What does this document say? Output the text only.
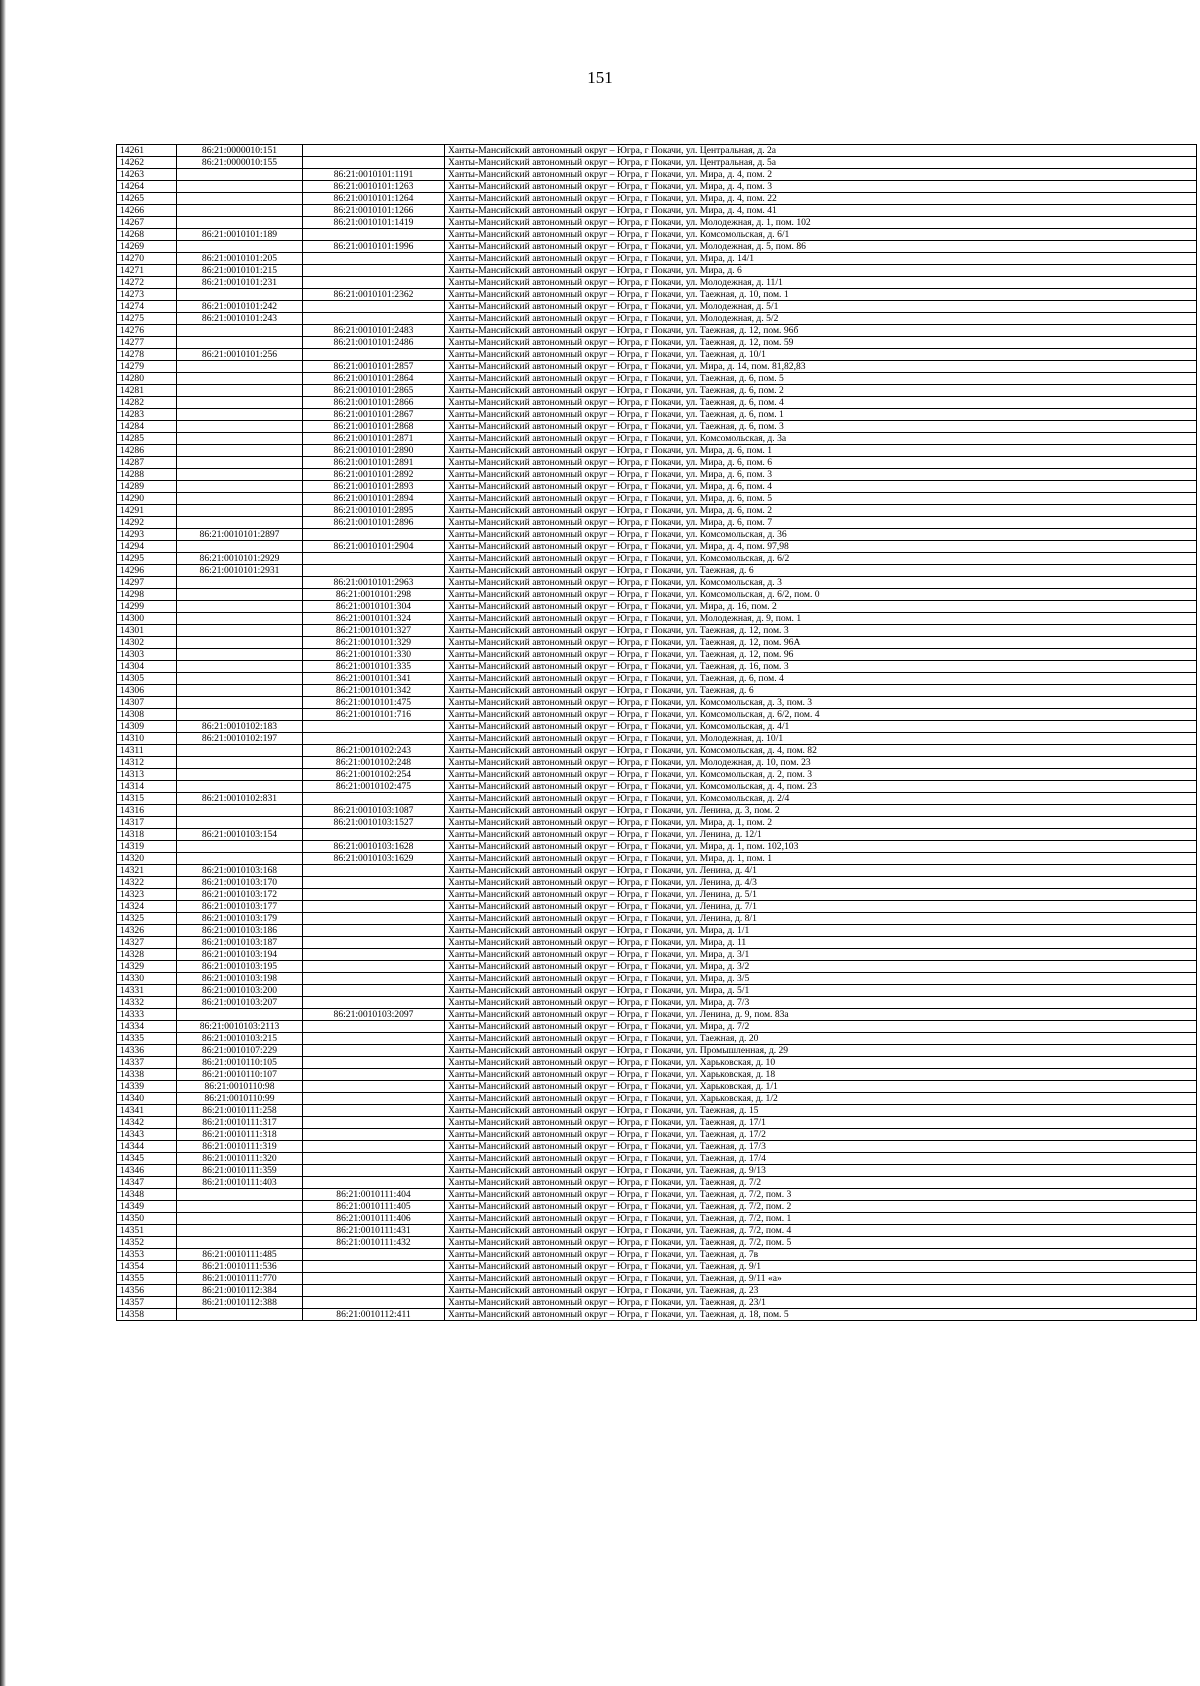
151
14261	86:21:0000010:151		Ханты-Мансийский автономный округ – Югра, г Покачи, ул. Центральная, д. 2а
14262	86:21:0000010:155		Ханты-Мансийский автономный округ – Югра, г Покачи, ул. Центральная, д. 5а
14263		86:21:0010101:1191	Ханты-Мансийский автономный округ – Югра, г Покачи, ул. Мира, д. 4, пом. 2
14264		86:21:0010101:1263	Ханты-Мансийский автономный округ – Югра, г Покачи, ул. Мира, д. 4, пом. 3
14265		86:21:0010101:1264	Ханты-Мансийский автономный округ – Югра, г Покачи, ул. Мира, д. 4, пом. 22
14266		86:21:0010101:1266	Ханты-Мансийский автономный округ – Югра, г Покачи, ул. Мира, д. 4, пом. 41
14267		86:21:0010101:1419	Ханты-Мансийский автономный округ – Югра, г Покачи, ул. Молодежная, д. 1, пом. 102
14268	86:21:0010101:189		Ханты-Мансийский автономный округ – Югра, г Покачи, ул. Комсомольская, д. 6/1
14269		86:21:0010101:1996	Ханты-Мансийский автономный округ – Югра, г Покачи, ул. Молодежная, д. 5, пом. 86
14270	86:21:0010101:205		Ханты-Мансийский автономный округ – Югра, г Покачи, ул. Мира, д. 14/1
14271	86:21:0010101:215		Ханты-Мансийский автономный округ – Югра, г Покачи, ул. Мира, д. 6
14272	86:21:0010101:231		Ханты-Мансийский автономный округ – Югра, г Покачи, ул. Молодежная, д. 11/1
14273		86:21:0010101:2362	Ханты-Мансийский автономный округ – Югра, г Покачи, ул. Таежная, д. 10, пом. 1
14274	86:21:0010101:242		Ханты-Мансийский автономный округ – Югра, г Покачи, ул. Молодежная, д. 5/1
14275	86:21:0010101:243		Ханты-Мансийский автономный округ – Югра, г Покачи, ул. Молодежная, д. 5/2
14276		86:21:0010101:2483	Ханты-Мансийский автономный округ – Югра, г Покачи, ул. Таежная, д. 12, пом. 96б
14277		86:21:0010101:2486	Ханты-Мансийский автономный округ – Югра, г Покачи, ул. Таежная, д. 12, пом. 59
14278	86:21:0010101:256		Ханты-Мансийский автономный округ – Югра, г Покачи, ул. Таежная, д. 10/1
14279		86:21:0010101:2857	Ханты-Мансийский автономный округ – Югра, г Покачи, ул. Мира, д. 14, пом. 81,82,83
14280		86:21:0010101:2864	Ханты-Мансийский автономный округ – Югра, г Покачи, ул. Таежная, д. 6, пом. 5
14281		86:21:0010101:2865	Ханты-Мансийский автономный округ – Югра, г Покачи, ул. Таежная, д. 6, пом. 2
14282		86:21:0010101:2866	Ханты-Мансийский автономный округ – Югра, г Покачи, ул. Таежная, д. 6, пом. 4
14283		86:21:0010101:2867	Ханты-Мансийский автономный округ – Югра, г Покачи, ул. Таежная, д. 6, пом. 1
14284		86:21:0010101:2868	Ханты-Мансийский автономный округ – Югра, г Покачи, ул. Таежная, д. 6, пом. 3
14285		86:21:0010101:2871	Ханты-Мансийский автономный округ – Югра, г Покачи, ул. Комсомольская, д. 3а
14286		86:21:0010101:2890	Ханты-Мансийский автономный округ – Югра, г Покачи, ул. Мира, д. 6, пом. 1
14287		86:21:0010101:2891	Ханты-Мансийский автономный округ – Югра, г Покачи, ул. Мира, д. 6, пом. 6
14288		86:21:0010101:2892	Ханты-Мансийский автономный округ – Югра, г Покачи, ул. Мира, д. 6, пом. 3
14289		86:21:0010101:2893	Ханты-Мансийский автономный округ – Югра, г Покачи, ул. Мира, д. 6, пом. 4
14290		86:21:0010101:2894	Ханты-Мансийский автономный округ – Югра, г Покачи, ул. Мира, д. 6, пом. 5
14291		86:21:0010101:2895	Ханты-Мансийский автономный округ – Югра, г Покачи, ул. Мира, д. 6, пом. 2
14292		86:21:0010101:2896	Ханты-Мансийский автономный округ – Югра, г Покачи, ул. Мира, д. 6, пом. 7
14293	86:21:0010101:2897		Ханты-Мансийский автономный округ – Югра, г Покачи, ул. Комсомольская, д. 36
14294		86:21:0010101:2904	Ханты-Мансийский автономный округ – Югра, г Покачи, ул. Мира, д. 4, пом. 97,98
14295	86:21:0010101:2929		Ханты-Мансийский автономный округ – Югра, г Покачи, ул. Комсомольская, д. 6/2
14296	86:21:0010101:2931		Ханты-Мансийский автономный округ – Югра, г Покачи, ул. Таежная, д. 6
14297		86:21:0010101:2963	Ханты-Мансийский автономный округ – Югра, г Покачи, ул. Комсомольская, д. 3
14298		86:21:0010101:298	Ханты-Мансийский автономный округ – Югра, г Покачи, ул. Комсомольская, д. 6/2, пом. 0
14299		86:21:0010101:304	Ханты-Мансийский автономный округ – Югра, г Покачи, ул. Мира, д. 16, пом. 2
14300		86:21:0010101:324	Ханты-Мансийский автономный округ – Югра, г Покачи, ул. Молодежная, д. 9, пом. 1
14301		86:21:0010101:327	Ханты-Мансийский автономный округ – Югра, г Покачи, ул. Таежная, д. 12, пом. 3
14302		86:21:0010101:329	Ханты-Мансийский автономный округ – Югра, г Покачи, ул. Таежная, д. 12, пом. 96А
14303		86:21:0010101:330	Ханты-Мансийский автономный округ – Югра, г Покачи, ул. Таежная, д. 12, пом. 96
14304		86:21:0010101:335	Ханты-Мансийский автономный округ – Югра, г Покачи, ул. Таежная, д. 16, пом. 3
14305		86:21:0010101:341	Ханты-Мансийский автономный округ – Югра, г Покачи, ул. Таежная, д. 6, пом. 4
14306		86:21:0010101:342	Ханты-Мансийский автономный округ – Югра, г Покачи, ул. Таежная, д. 6
14307		86:21:0010101:475	Ханты-Мансийский автономный округ – Югра, г Покачи, ул. Комсомольская, д. 3, пом. 3
14308		86:21:0010101:716	Ханты-Мансийский автономный округ – Югра, г Покачи, ул. Комсомольская, д. 6/2, пом. 4
14309	86:21:0010102:183		Ханты-Мансийский автономный округ – Югра, г Покачи, ул. Комсомольская, д. 4/1
14310	86:21:0010102:197		Ханты-Мансийский автономный округ – Югра, г Покачи, ул. Молодежная, д. 10/1
14311		86:21:0010102:243	Ханты-Мансийский автономный округ – Югра, г Покачи, ул. Комсомольская, д. 4, пом. 82
14312		86:21:0010102:248	Ханты-Мансийский автономный округ – Югра, г Покачи, ул. Молодежная, д. 10, пом. 23
14313		86:21:0010102:254	Ханты-Мансийский автономный округ – Югра, г Покачи, ул. Комсомольская, д. 2, пом. 3
14314		86:21:0010102:475	Ханты-Мансийский автономный округ – Югра, г Покачи, ул. Комсомольская, д. 4, пом. 23
14315	86:21:0010102:831		Ханты-Мансийский автономный округ – Югра, г Покачи, ул. Комсомольская, д. 2/4
14316		86:21:0010103:1087	Ханты-Мансийский автономный округ – Югра, г Покачи, ул. Ленина, д. 3, пом. 2
14317		86:21:0010103:1527	Ханты-Мансийский автономный округ – Югра, г Покачи, ул. Мира, д. 1, пом. 2
14318	86:21:0010103:154		Ханты-Мансийский автономный округ – Югра, г Покачи, ул. Ленина, д. 12/1
14319		86:21:0010103:1628	Ханты-Мансийский автономный округ – Югра, г Покачи, ул. Мира, д. 1, пом. 102,103
14320		86:21:0010103:1629	Ханты-Мансийский автономный округ – Югра, г Покачи, ул. Мира, д. 1, пом. 1
14321	86:21:0010103:168		Ханты-Мансийский автономный округ – Югра, г Покачи, ул. Ленина, д. 4/1
14322	86:21:0010103:170		Ханты-Мансийский автономный округ – Югра, г Покачи, ул. Ленина, д. 4/3
14323	86:21:0010103:172		Ханты-Мансийский автономный округ – Югра, г Покачи, ул. Ленина, д. 5/1
14324	86:21:0010103:177		Ханты-Мансийский автономный округ – Югра, г Покачи, ул. Ленина, д. 7/1
14325	86:21:0010103:179		Ханты-Мансийский автономный округ – Югра, г Покачи, ул. Ленина, д. 8/1
14326	86:21:0010103:186		Ханты-Мансийский автономный округ – Югра, г Покачи, ул. Мира, д. 1/1
14327	86:21:0010103:187		Ханты-Мансийский автономный округ – Югра, г Покачи, ул. Мира, д. 11
14328	86:21:0010103:194		Ханты-Мансийский автономный округ – Югра, г Покачи, ул. Мира, д. 3/1
14329	86:21:0010103:195		Ханты-Мансийский автономный округ – Югра, г Покачи, ул. Мира, д. 3/2
14330	86:21:0010103:198		Ханты-Мансийский автономный округ – Югра, г Покачи, ул. Мира, д. 3/5
14331	86:21:0010103:200		Ханты-Мансийский автономный округ – Югра, г Покачи, ул. Мира, д. 5/1
14332	86:21:0010103:207		Ханты-Мансийский автономный округ – Югра, г Покачи, ул. Мира, д. 7/3
14333		86:21:0010103:2097	Ханты-Мансийский автономный округ – Югра, г Покачи, ул. Ленина, д. 9, пом. 83а
14334	86:21:0010103:2113		Ханты-Мансийский автономный округ – Югра, г Покачи, ул. Мира, д. 7/2
14335	86:21:0010103:215		Ханты-Мансийский автономный округ – Югра, г Покачи, ул. Таежная, д. 20
14336	86:21:0010107:229		Ханты-Мансийский автономный округ – Югра, г Покачи, ул. Промышленная, д. 29
14337	86:21:0010110:105		Ханты-Мансийский автономный округ – Югра, г Покачи, ул. Харьковская, д. 10
14338	86:21:0010110:107		Ханты-Мансийский автономный округ – Югра, г Покачи, ул. Харьковская, д. 18
14339	86:21:0010110:98		Ханты-Мансийский автономный округ – Югра, г Покачи, ул. Харьковская, д. 1/1
14340	86:21:0010110:99		Ханты-Мансийский автономный округ – Югра, г Покачи, ул. Харьковская, д. 1/2
14341	86:21:0010111:258		Ханты-Мансийский автономный округ – Югра, г Покачи, ул. Таежная, д. 15
14342	86:21:0010111:317		Ханты-Мансийский автономный округ – Югра, г Покачи, ул. Таежная, д. 17/1
14343	86:21:0010111:318		Ханты-Мансийский автономный округ – Югра, г Покачи, ул. Таежная, д. 17/2
14344	86:21:0010111:319		Ханты-Мансийский автономный округ – Югра, г Покачи, ул. Таежная, д. 17/3
14345	86:21:0010111:320		Ханты-Мансийский автономный округ – Югра, г Покачи, ул. Таежная, д. 17/4
14346	86:21:0010111:359		Ханты-Мансийский автономный округ – Югра, г Покачи, ул. Таежная, д. 9/13
14347	86:21:0010111:403		Ханты-Мансийский автономный округ – Югра, г Покачи, ул. Таежная, д. 7/2
14348		86:21:0010111:404	Ханты-Мансийский автономный округ – Югра, г Покачи, ул. Таежная, д. 7/2, пом. 3
14349		86:21:0010111:405	Ханты-Мансийский автономный округ – Югра, г Покачи, ул. Таежная, д. 7/2, пом. 2
14350		86:21:0010111:406	Ханты-Мансийский автономный округ – Югра, г Покачи, ул. Таежная, д. 7/2, пом. 1
14351		86:21:0010111:431	Ханты-Мансийский автономный округ – Югра, г Покачи, ул. Таежная, д. 7/2, пом. 4
14352		86:21:0010111:432	Ханты-Мансийский автономный округ – Югра, г Покачи, ул. Таежная, д. 7/2, пом. 5
14353	86:21:0010111:485		Ханты-Мансийский автономный округ – Югра, г Покачи, ул. Таежная, д. 7в
14354	86:21:0010111:536		Ханты-Мансийский автономный округ – Югра, г Покачи, ул. Таежная, д. 9/1
14355	86:21:0010111:770		Ханты-Мансийский автономный округ – Югра, г Покачи, ул. Таежная, д. 9/11 «а»
14356	86:21:0010112:384		Ханты-Мансийский автономный округ – Югра, г Покачи, ул. Таежная, д. 23
14357	86:21:0010112:388		Ханты-Мансийский автономный округ – Югра, г Покачи, ул. Таежная, д. 23/1
14358		86:21:0010112:411	Ханты-Мансийский автономный округ – Югра, г Покачи, ул. Таежная, д. 18, пом. 5
